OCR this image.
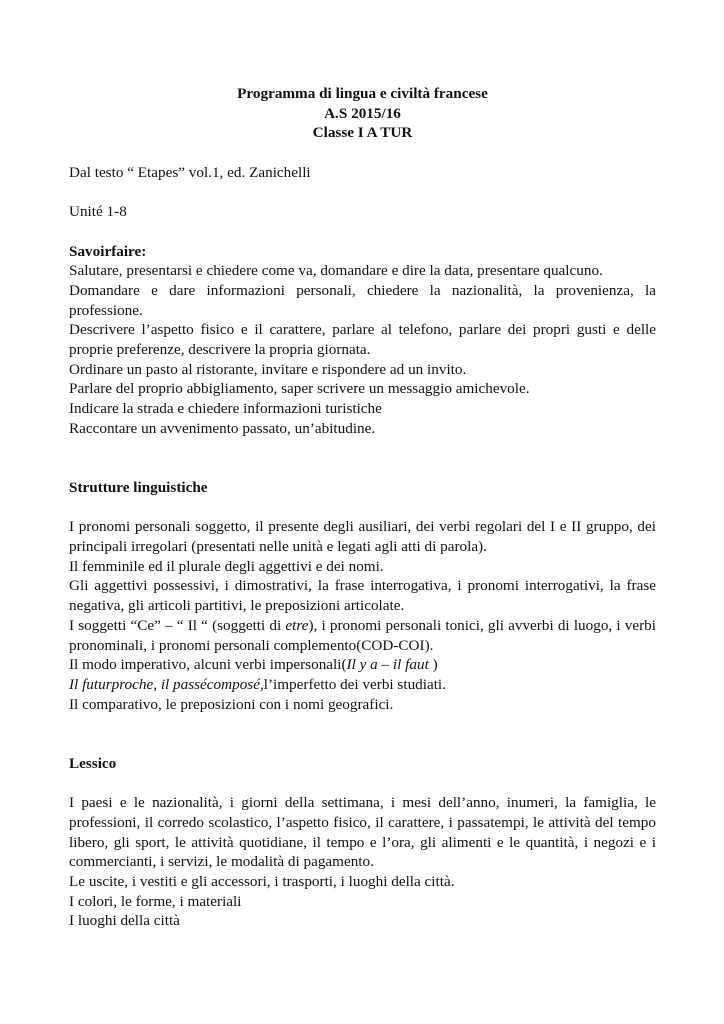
Programma di lingua e civiltà francese
A.S 2015/16
Classe I A TUR

Dal testo “ Etapes” vol.1, ed. Zanichelli

Unité 1-8

Savoirfaire:

Salutare, presentarsi e chiedere come va, domandare e dire la data, presentare qualcuno.

Domandare e dare informazioni personali, chiedere la nazionalità, la provenienza, la professione.

Descrivere l’aspetto fisico e il carattere, parlare al telefono, parlare dei propri gusti e delle proprie preferenze, descrivere la propria giornata.

Ordinare un pasto al ristorante, invitare e rispondere ad un invito.

Parlare del proprio abbigliamento, saper scrivere un messaggio amichevole.

Indicare la strada e chiedere informazioni turistiche

Raccontare un avvenimento passato, un’abitudine.

Strutture linguistiche

I pronomi personali soggetto, il presente degli ausiliari, dei verbi regolari del I e II gruppo, dei principali irregolari (presentati nelle unità e legati agli atti di parola).

Il femminile ed il plurale degli aggettivi e dei nomi.

Gli aggettivi possessivi, i dimostrativi, la frase interrogativa, i pronomi interrogativi, la frase negativa, gli articoli partitivi, le preposizioni articolate.

I soggetti “Ce” – “ Il “ (soggetti di etre), i pronomi personali tonici, gli avverbi di luogo, i verbi pronominali, i pronomi personali complemento(COD-COI).

Il modo imperativo, alcuni verbi impersonali(Il y a – il faut )

Il futurproche, il passécomposé,l’imperfetto dei verbi studiati.

Il comparativo, le preposizioni con i nomi geografici.

Lessico

I paesi e le nazionalità, i giorni della settimana, i mesi dell’anno, inumeri, la famiglia, le professioni, il corredo scolastico, l’aspetto fisico, il carattere, i passatempi, le attività del tempo libero, gli sport, le attività quotidiane, il tempo e l’ora, gli alimenti e le quantità, i negozi e i commercianti, i servizi, le modalità di pagamento.

Le uscite, i vestiti e gli accessori, i trasporti, i luoghi della città.

I colori, le forme, i materiali

I luoghi della città
